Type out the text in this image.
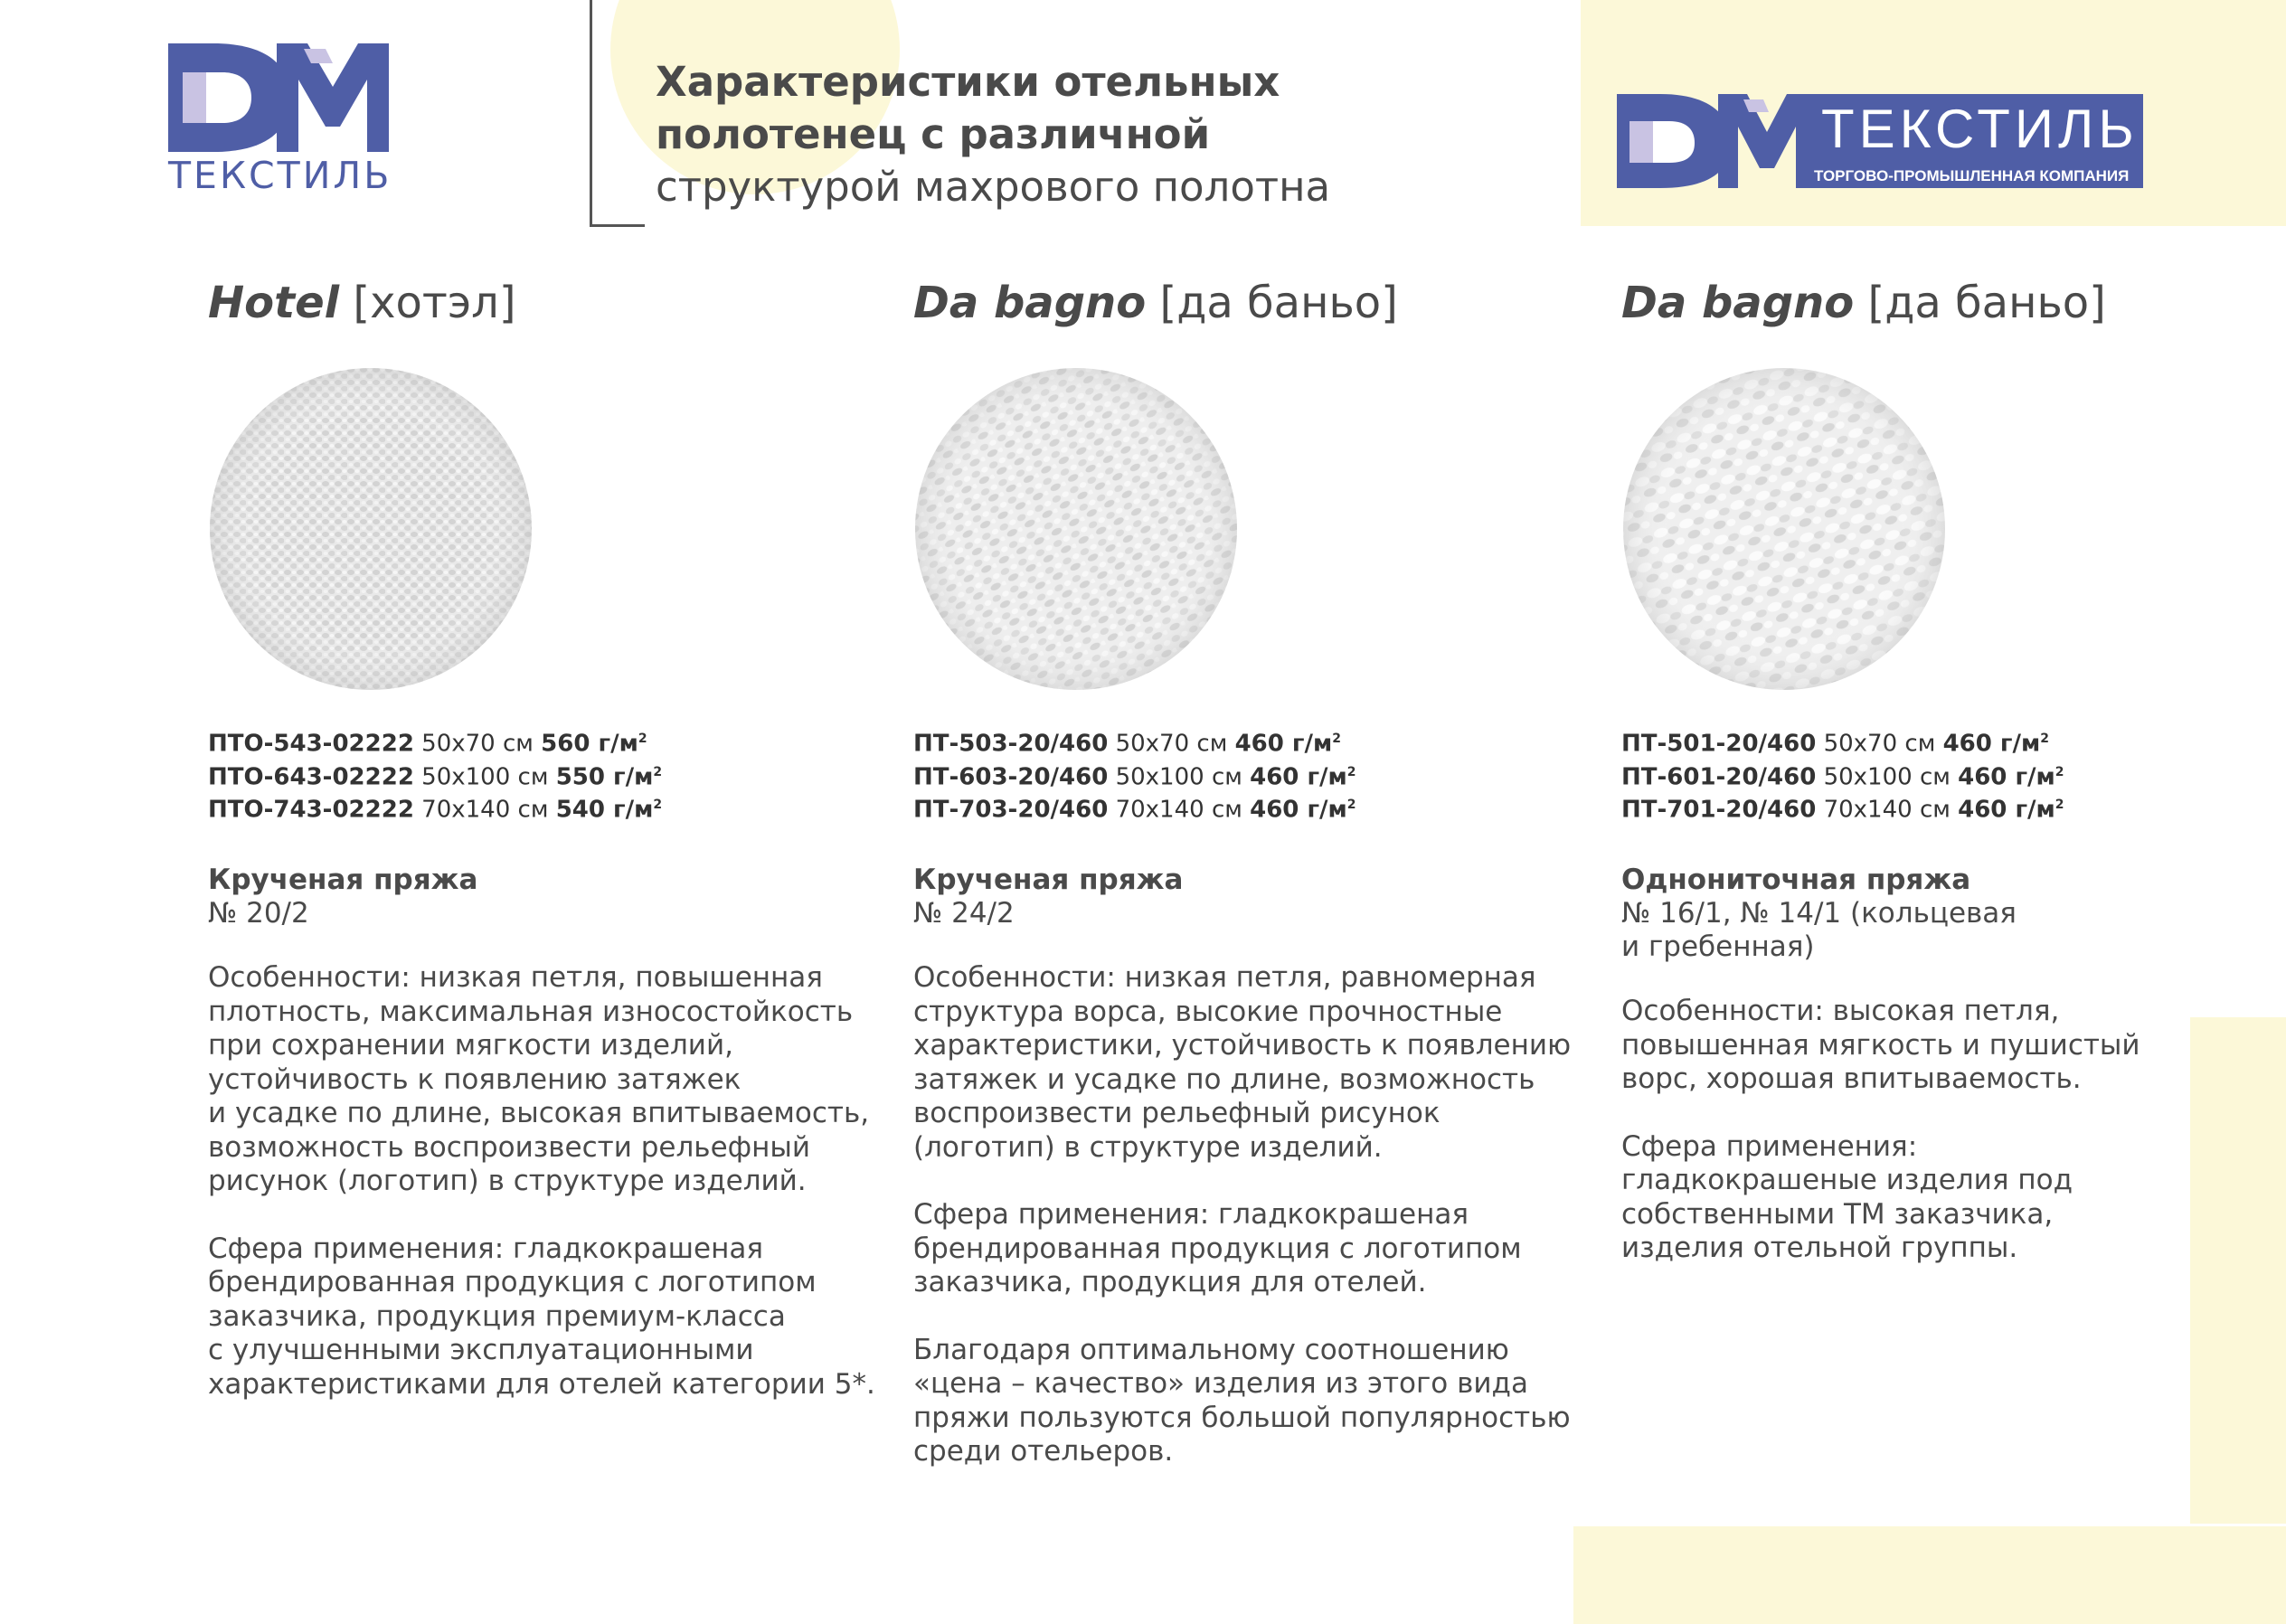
ТЕКСТИЛЬ
ТЕКСТИЛЬ
ТОРГОВО-ПРОМЫШЛЕННАЯ КОМПАНИЯ
Характеристики отельных
полотенец с различной
структурой махрового полотна
Hotel [хотэл]
ПТО-543-02222 50х70 см 560 $г/м^2$
ПТО-643-02222 50х100 см 550 $г/м^2$
ПТО-743-02222 70х140 см 540 $г/м^2$
Крученая пряжа
№ 20/2

Особенности: низкая петля, повышенная
плотность, максимальная износостойкость
при сохранении мягкости изделий,
устойчивость к появлению затяжек
и усадке по длине, высокая впитываемость,
возможность воспроизвести рельефный
рисунок (логотип) в структуре изделий.

Сфера применения: гладкокрашеная
брендированная продукция с логотипом
заказчика, продукция премиум-класса
с улучшенными эксплуатационными
характеристиками для отелей категории 5*.

Da bagno [да баньо]
ПТ-503-20/460 50х70 см 460 $г/м^2$
ПТ-603-20/460 50х100 см 460 $г/м^2$
ПТ-703-20/460 70х140 см 460 $г/м^2$
Крученая пряжа
№ 24/2

Особенности: низкая петля, равномерная
структура ворса, высокие прочностные
характеристики, устойчивость к появлению
затяжек и усадке по длине, возможность
воспроизвести рельефный рисунок
(логотип) в структуре изделий.

Сфера применения: гладкокрашеная
брендированная продукция с логотипом
заказчика, продукция для отелей.

Благодаря оптимальному соотношению
«цена – качество» изделия из этого вида
пряжи пользуются большой популярностью
среди отельеров.

Da bagno [да баньо]
ПТ-501-20/460 50х70 см 460 $г/м^2$
ПТ-601-20/460 50х100 см 460 $г/м^2$
ПТ-701-20/460 70х140 см 460 $г/м^2$
Однониточная пряжа
№ 16/1, № 14/1 (кольцевая
и гребенная)

Особенности: высокая петля,
повышенная мягкость и пушистый
ворс, хорошая впитываемость.

Сфера применения:
гладкокрашеные изделия под
собственными ТМ заказчика,
изделия отельной группы.
